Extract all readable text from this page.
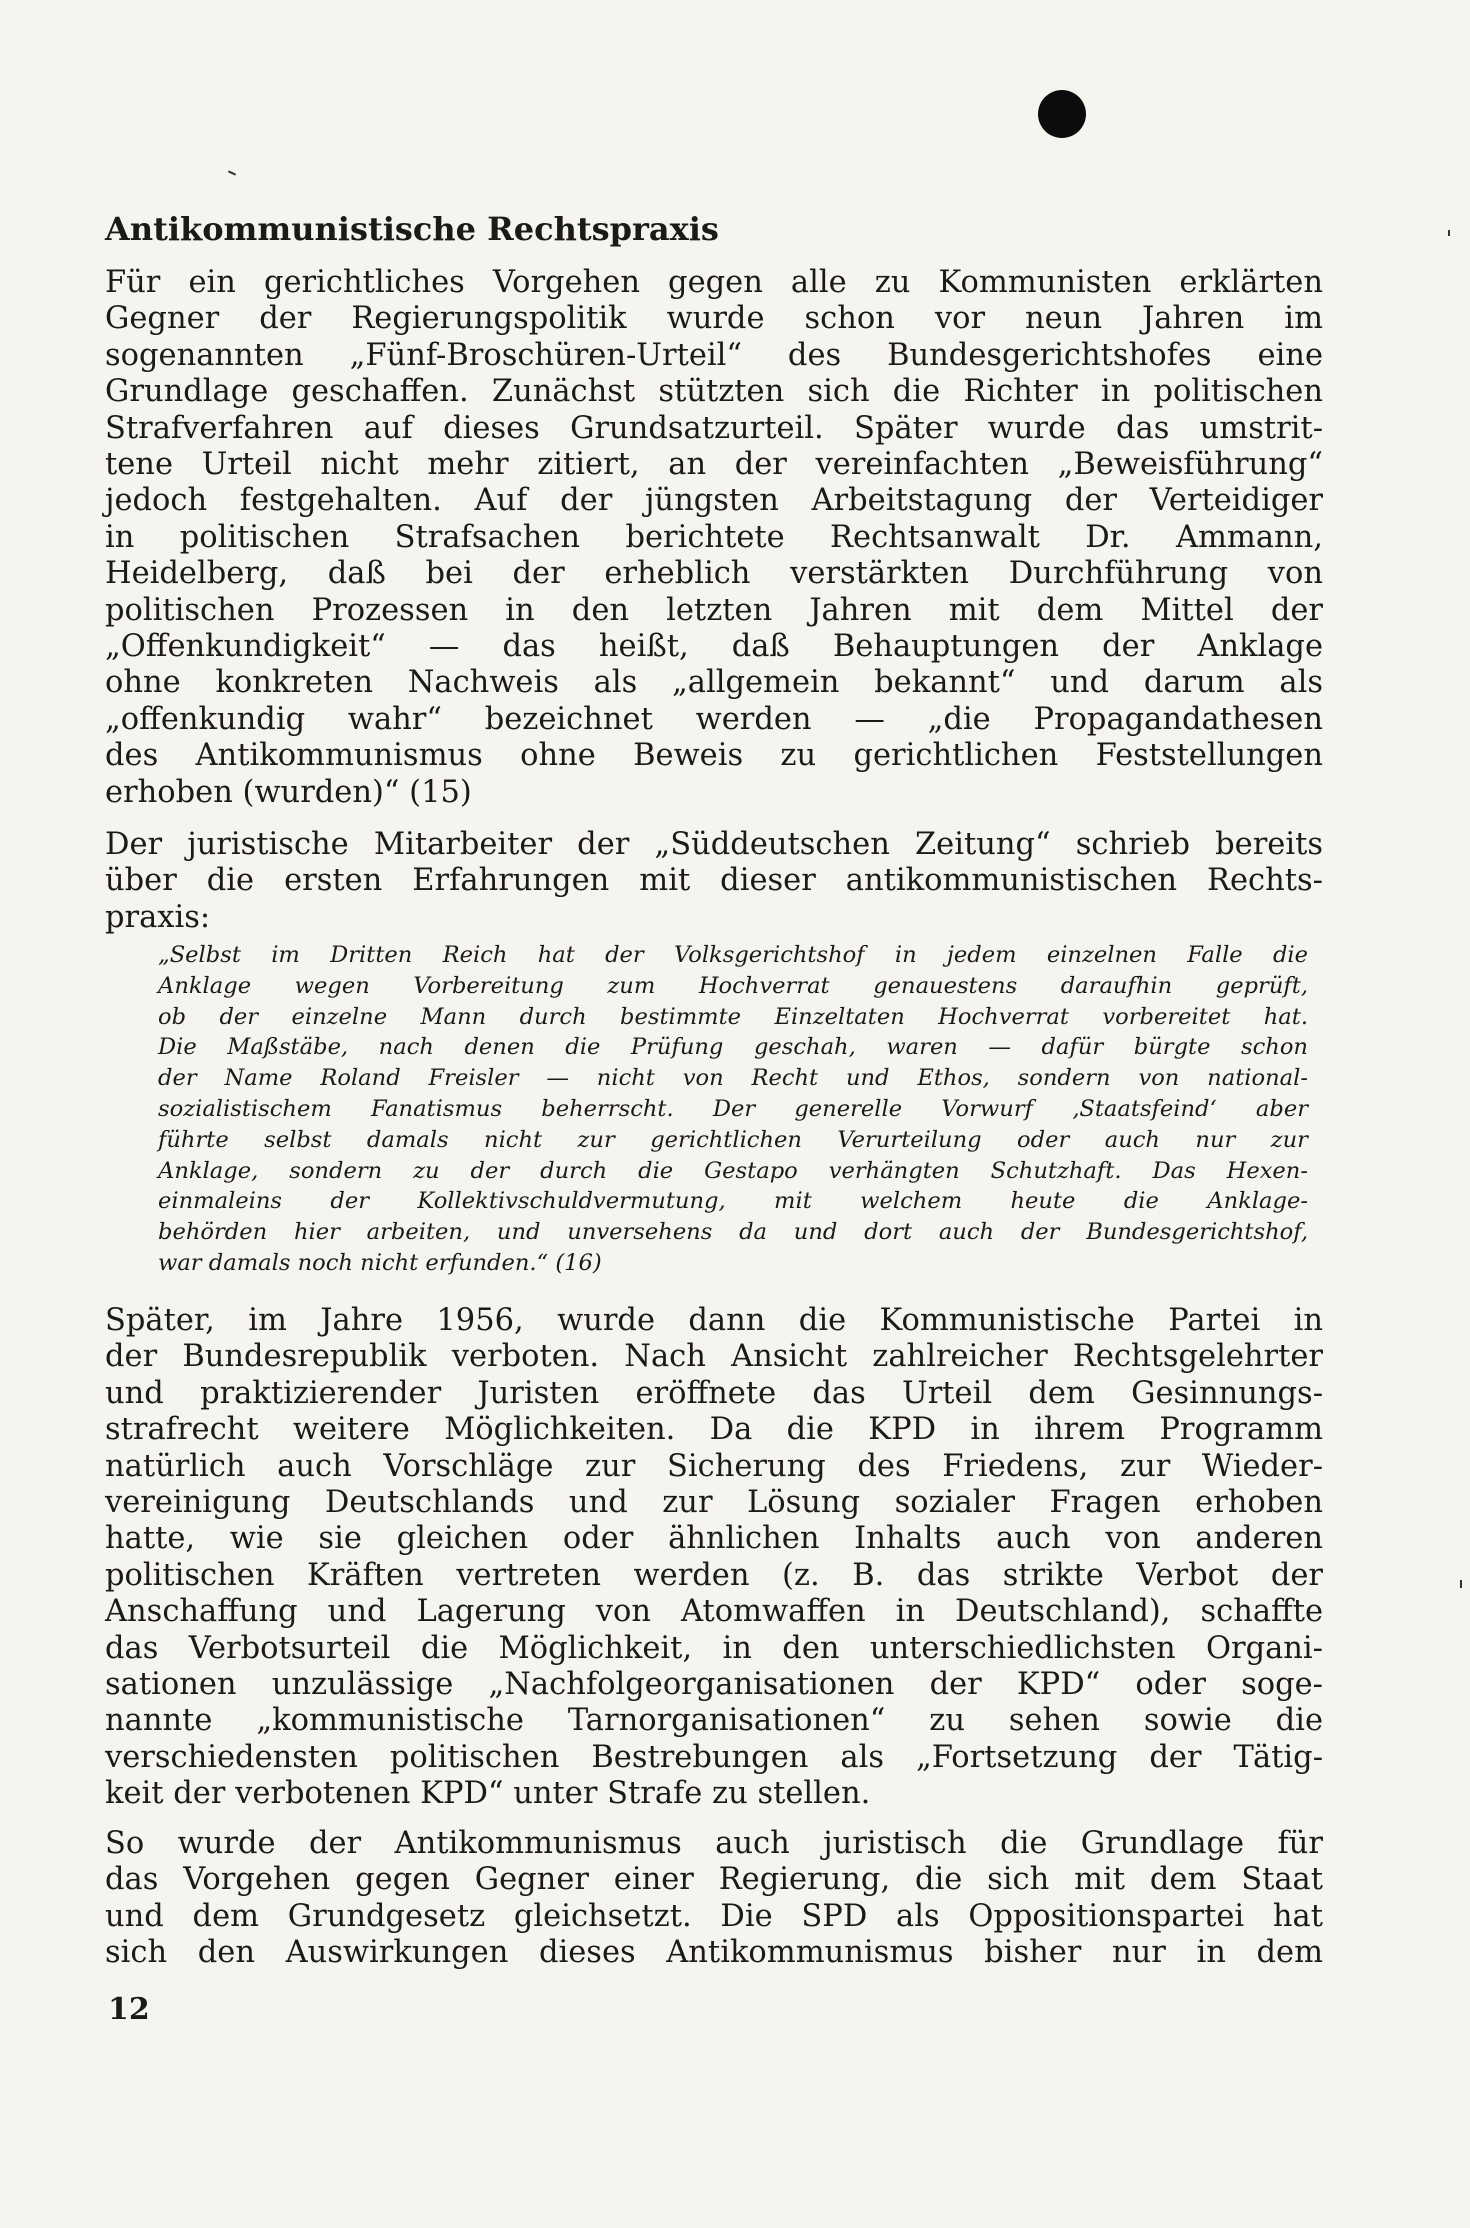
Antikommunistische Rechtspraxis

Für ein gerichtliches Vorgehen gegen alle zu Kommunisten erklärten
Gegner der Regierungspolitik wurde schon vor neun Jahren im
sogenannten „Fünf-Broschüren-Urteil“ des Bundesgerichtshofes eine
Grundlage geschaffen. Zunächst stützten sich die Richter in politischen
Strafverfahren auf dieses Grundsatzurteil. Später wurde das umstrit-
tene Urteil nicht mehr zitiert, an der vereinfachten „Beweisführung“
jedoch festgehalten. Auf der jüngsten Arbeitstagung der Verteidiger
in politischen Strafsachen berichtete Rechtsanwalt Dr. Ammann,
Heidelberg, daß bei der erheblich verstärkten Durchführung von
politischen Prozessen in den letzten Jahren mit dem Mittel der
„Offenkundigkeit“ — das heißt, daß Behauptungen der Anklage
ohne konkreten Nachweis als „allgemein bekannt“ und darum als
„offenkundig wahr“ bezeichnet werden — „die Propagandathesen
des Antikommunismus ohne Beweis zu gerichtlichen Feststellungen
erhoben (wurden)“ (15)

Der juristische Mitarbeiter der „Süddeutschen Zeitung“ schrieb bereits
über die ersten Erfahrungen mit dieser antikommunistischen Rechts-
praxis:

„Selbst im Dritten Reich hat der Volksgerichtshof in jedem einzelnen Falle die
Anklage wegen Vorbereitung zum Hochverrat genauestens daraufhin geprüft,
ob der einzelne Mann durch bestimmte Einzeltaten Hochverrat vorbereitet hat.
Die Maßstäbe, nach denen die Prüfung geschah, waren — dafür bürgte schon
der Name Roland Freisler — nicht von Recht und Ethos, sondern von national-
sozialistischem Fanatismus beherrscht. Der generelle Vorwurf ‚Staatsfeind‘ aber
führte selbst damals nicht zur gerichtlichen Verurteilung oder auch nur zur
Anklage, sondern zu der durch die Gestapo verhängten Schutzhaft. Das Hexen-
einmaleins der Kollektivschuldvermutung, mit welchem heute die Anklage-
behörden hier arbeiten, und unversehens da und dort auch der Bundesgerichtshof,
war damals noch nicht erfunden.“ (16)

Später, im Jahre 1956, wurde dann die Kommunistische Partei in
der Bundesrepublik verboten. Nach Ansicht zahlreicher Rechtsgelehrter
und praktizierender Juristen eröffnete das Urteil dem Gesinnungs-
strafrecht weitere Möglichkeiten. Da die KPD in ihrem Programm
natürlich auch Vorschläge zur Sicherung des Friedens, zur Wieder-
vereinigung Deutschlands und zur Lösung sozialer Fragen erhoben
hatte, wie sie gleichen oder ähnlichen Inhalts auch von anderen
politischen Kräften vertreten werden (z. B. das strikte Verbot der
Anschaffung und Lagerung von Atomwaffen in Deutschland), schaffte
das Verbotsurteil die Möglichkeit, in den unterschiedlichsten Organi-
sationen unzulässige „Nachfolgeorganisationen der KPD“ oder soge-
nannte „kommunistische Tarnorganisationen“ zu sehen sowie die
verschiedensten politischen Bestrebungen als „Fortsetzung der Tätig-
keit der verbotenen KPD“ unter Strafe zu stellen.

So wurde der Antikommunismus auch juristisch die Grundlage für
das Vorgehen gegen Gegner einer Regierung, die sich mit dem Staat
und dem Grundgesetz gleichsetzt. Die SPD als Oppositionspartei hat
sich den Auswirkungen dieses Antikommunismus bisher nur in dem

12
